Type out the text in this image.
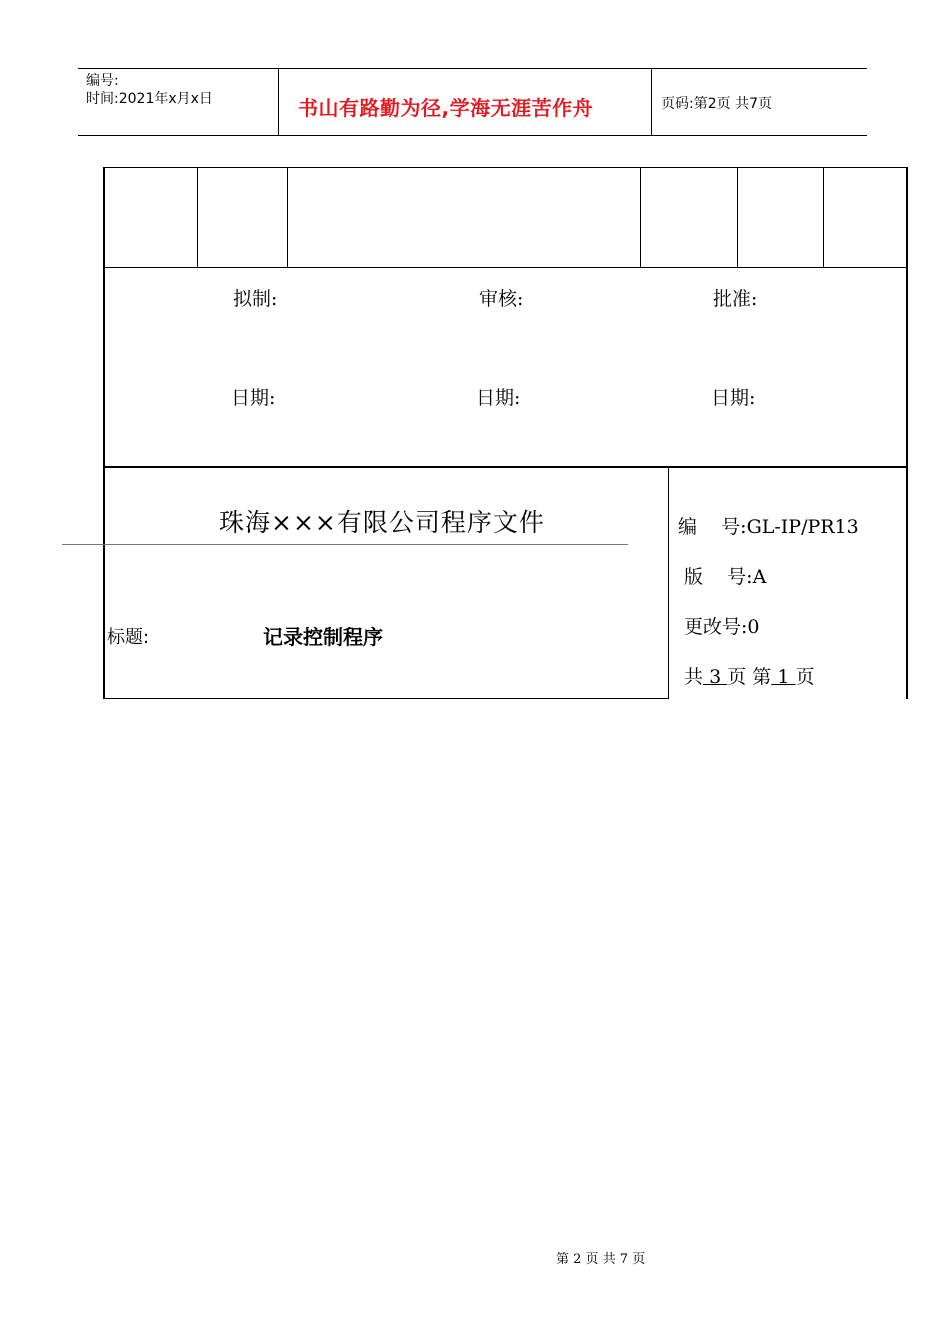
编号:
时间:2021年x月x日	书山有路勤为径,学海无涯苦作舟	页码:第2页 共7页
拟制:	审核:	批准:
日期:	日期:	日期:
珠海×××有限公司程序文件
标题:	记录控制程序
编    号:GL-IP/PR13
版    号:A
更改号:0
共 3 页 第 1 页
第 2 页 共 7 页
